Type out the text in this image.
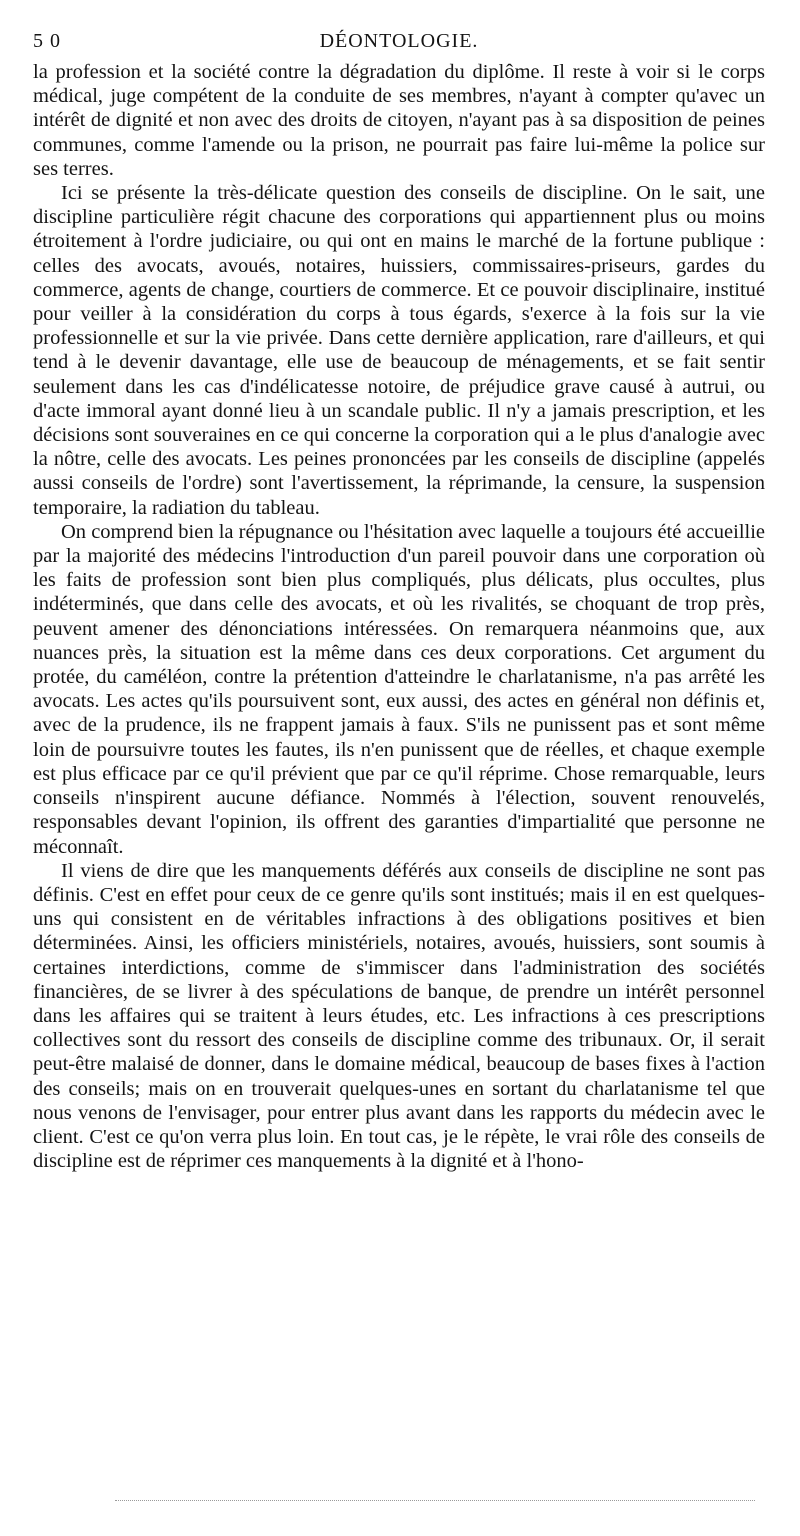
5 0	DÉONTOLOGIE.

la profession et la société contre la dégradation du diplôme. Il reste à voir si le corps médical, juge compétent de la conduite de ses membres, n'ayant à compter qu'avec un intérêt de dignité et non avec des droits de citoyen, n'ayant pas à sa disposition de peines communes, comme l'amende ou la prison, ne pourrait pas faire lui-même la police sur ses terres.

Ici se présente la très-délicate question des conseils de discipline. On le sait, une discipline particulière régit chacune des corporations qui appartiennent plus ou moins étroitement à l'ordre judiciaire, ou qui ont en mains le marché de la fortune publique : celles des avocats, avoués, notaires, huissiers, commissaires-priseurs, gardes du commerce, agents de change, courtiers de commerce. Et ce pouvoir disciplinaire, institué pour veiller à la considération du corps à tous égards, s'exerce à la fois sur la vie professionnelle et sur la vie privée. Dans cette dernière application, rare d'ailleurs, et qui tend à le devenir davantage, elle use de beaucoup de ménagements, et se fait sentir seulement dans les cas d'indélicatesse notoire, de préjudice grave causé à autrui, ou d'acte immoral ayant donné lieu à un scandale public. Il n'y a jamais prescription, et les décisions sont souveraines en ce qui concerne la corporation qui a le plus d'analogie avec la nôtre, celle des avocats. Les peines prononcées par les conseils de discipline (appelés aussi conseils de l'ordre) sont l'avertissement, la réprimande, la censure, la suspension temporaire, la radiation du tableau.

On comprend bien la répugnance ou l'hésitation avec laquelle a toujours été accueillie par la majorité des médecins l'introduction d'un pareil pouvoir dans une corporation où les faits de profession sont bien plus compliqués, plus délicats, plus occultes, plus indéterminés, que dans celle des avocats, et où les rivalités, se choquant de trop près, peuvent amener des dénonciations intéressées. On remarquera néanmoins que, aux nuances près, la situation est la même dans ces deux corporations. Cet argument du protée, du caméléon, contre la prétention d'atteindre le charlatanisme, n'a pas arrêté les avocats. Les actes qu'ils poursuivent sont, eux aussi, des actes en général non définis et, avec de la prudence, ils ne frappent jamais à faux. S'ils ne punissent pas et sont même loin de poursuivre toutes les fautes, ils n'en punissent que de réelles, et chaque exemple est plus efficace par ce qu'il prévient que par ce qu'il réprime. Chose remarquable, leurs conseils n'inspirent aucune défiance. Nommés à l'élection, souvent renouvelés, responsables devant l'opinion, ils offrent des garanties d'impartialité que personne ne méconnaît.

Il viens de dire que les manquements déférés aux conseils de discipline ne sont pas définis. C'est en effet pour ceux de ce genre qu'ils sont institués; mais il en est quelques-uns qui consistent en de véritables infractions à des obligations positives et bien déterminées. Ainsi, les officiers ministériels, notaires, avoués, huissiers, sont soumis à certaines interdictions, comme de s'immiscer dans l'administration des sociétés financières, de se livrer à des spéculations de banque, de prendre un intérêt personnel dans les affaires qui se traitent à leurs études, etc. Les infractions à ces prescriptions collectives sont du ressort des conseils de discipline comme des tribunaux. Or, il serait peut-être malaisé de donner, dans le domaine médical, beaucoup de bases fixes à l'action des conseils; mais on en trouverait quelques-unes en sortant du charlatanisme tel que nous venons de l'envisager, pour entrer plus avant dans les rapports du médecin avec le client. C'est ce qu'on verra plus loin. En tout cas, je le répète, le vrai rôle des conseils de discipline est de réprimer ces manquements à la dignité et à l'hono-
